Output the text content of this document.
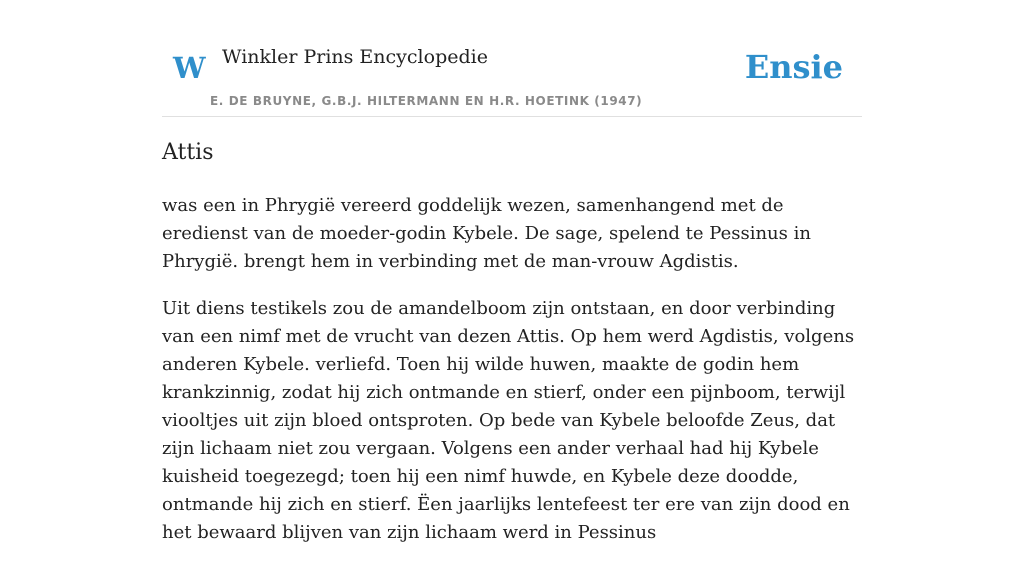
W Winkler Prins Encyclopedie
E. DE BRUYNE, G.B.J. HILTERMANN EN H.R. HOETINK (1947)
Ensie
Attis

was een in Phrygië vereerd goddelijk wezen, samenhangend met de eredienst van de moeder-godin Kybele. De sage, spelend te Pessinus in Phrygië. brengt hem in verbinding met de man-vrouw Agdistis.

Uit diens testikels zou de amandelboom zijn ontstaan, en door verbinding van een nimf met de vrucht van dezen Attis. Op hem werd Agdistis, volgens anderen Kybele. verliefd. Toen hij wilde huwen, maakte de godin hem krankzinnig, zodat hij zich ontmande en stierf, onder een pijnboom, terwijl viooltjes uit zijn bloed ontsproten. Op bede van Kybele beloofde Zeus, dat zijn lichaam niet zou vergaan. Volgens een ander verhaal had hij Kybele kuisheid toegezegd; toen hij een nimf huwde, en Kybele deze doodde, ontmande hij zich en stierf. Ëen jaarlijks lentefeest ter ere van zijn dood en het bewaard blijven van zijn lichaam werd in Pessinus
